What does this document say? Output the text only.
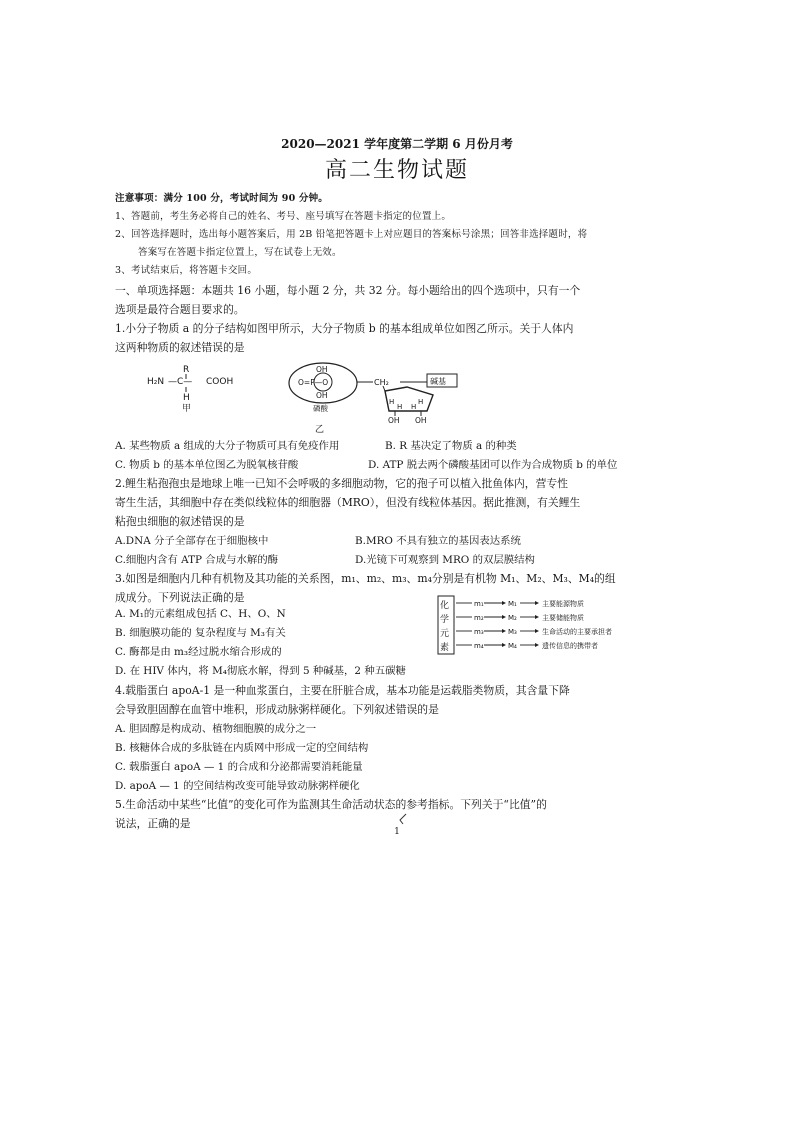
2020—2021 学年度第二学期 6 月份月考
高二生物试题
注意事项：满分 100 分，考试时间为 90 分钟。
1、答题前，考生务必将自己的姓名、考号、座号填写在答题卡指定的位置上。
2、回答选择题时，选出每小题答案后，用 2B 铅笔把答题卡上对应题目的答案标号涂黑；回答非选择题时，将
答案写在答题卡指定位置上，写在试卷上无效。
3、考试结束后，将答题卡交回。
一、单项选择题：本题共 16 小题，每小题 2 分，共 32 分。每小题给出的四个选项中，只有一个
选项是最符合题目要求的。
1.小分子物质 a 的分子结构如图甲所示，大分子物质 b 的基本组成单位如图乙所示。关于人体内
这两种物质的叙述错误的是
R
H₂N —C— COOH
H
甲
OH
O=P—O
OH
磷酸
CH₂	碱基
H	H
H H
OH OH
乙
A. 某些物质 a 组成的大分子物质可具有免疫作用	B. R 基决定了物质 a 的种类
C. 物质 b 的基本单位图乙为脱氧核苷酸	D. ATP 脱去两个磷酸基团可以作为合成物质 b 的单位
2.鲤生粘孢孢虫是地球上唯一已知不会呼吸的多细胞动物，它的孢子可以植入批鱼体内，营专性
寄生生活，其细胞中存在类似线粒体的细胞器（MRO），但没有线粒体基因。据此推测，有关鲤生
粘孢虫细胞的叙述错误的是
A.DNA 分子全部存在于细胞核中	B.MRO 不具有独立的基因表达系统
C.细胞内含有 ATP 合成与水解的酶	D.光镜下可观察到 MRO 的双层膜结构
3.如图是细胞内几种有机物及其功能的关系图，m₁、m₂、m₃、m₄分别是有机物 M₁、M₂、M₃、M₄的组
成成分。下列说法正确的是
A. M₁的元素组成包括 C、H、O、N
B. 细胞膜功能的 复杂程度与 M₃有关
C. 酶都是由 m₃经过脱水缩合形成的
D. 在 HIV 体内，将 M₄彻底水解，得到 5 种碱基，2 种五碳糖
化
学
元
素
m₁	M₁	主要能源物质
m₂	M₂	主要储能物质
m₃	M₃	生命活动的主要承担者
m₄	M₄	遗传信息的携带者
4.载脂蛋白 apoA-1 是一种血浆蛋白，主要在肝脏合成，基本功能是运载脂类物质，其含量下降
会导致胆固醇在血管中堆积，形成动脉粥样硬化。下列叙述错误的是
A. 胆固醇是构成动、植物细胞膜的成分之一
B. 核糖体合成的多肽链在内质网中形成一定的空间结构
C. 载脂蛋白 apoA — 1 的合成和分泌都需要消耗能量
D. apoA — 1 的空间结构改变可能导致动脉粥样硬化
5.生命活动中某些“比值”的变化可作为监测其生命活动状态的参考指标。下列关于“比值”的
说法，正确的是
1
